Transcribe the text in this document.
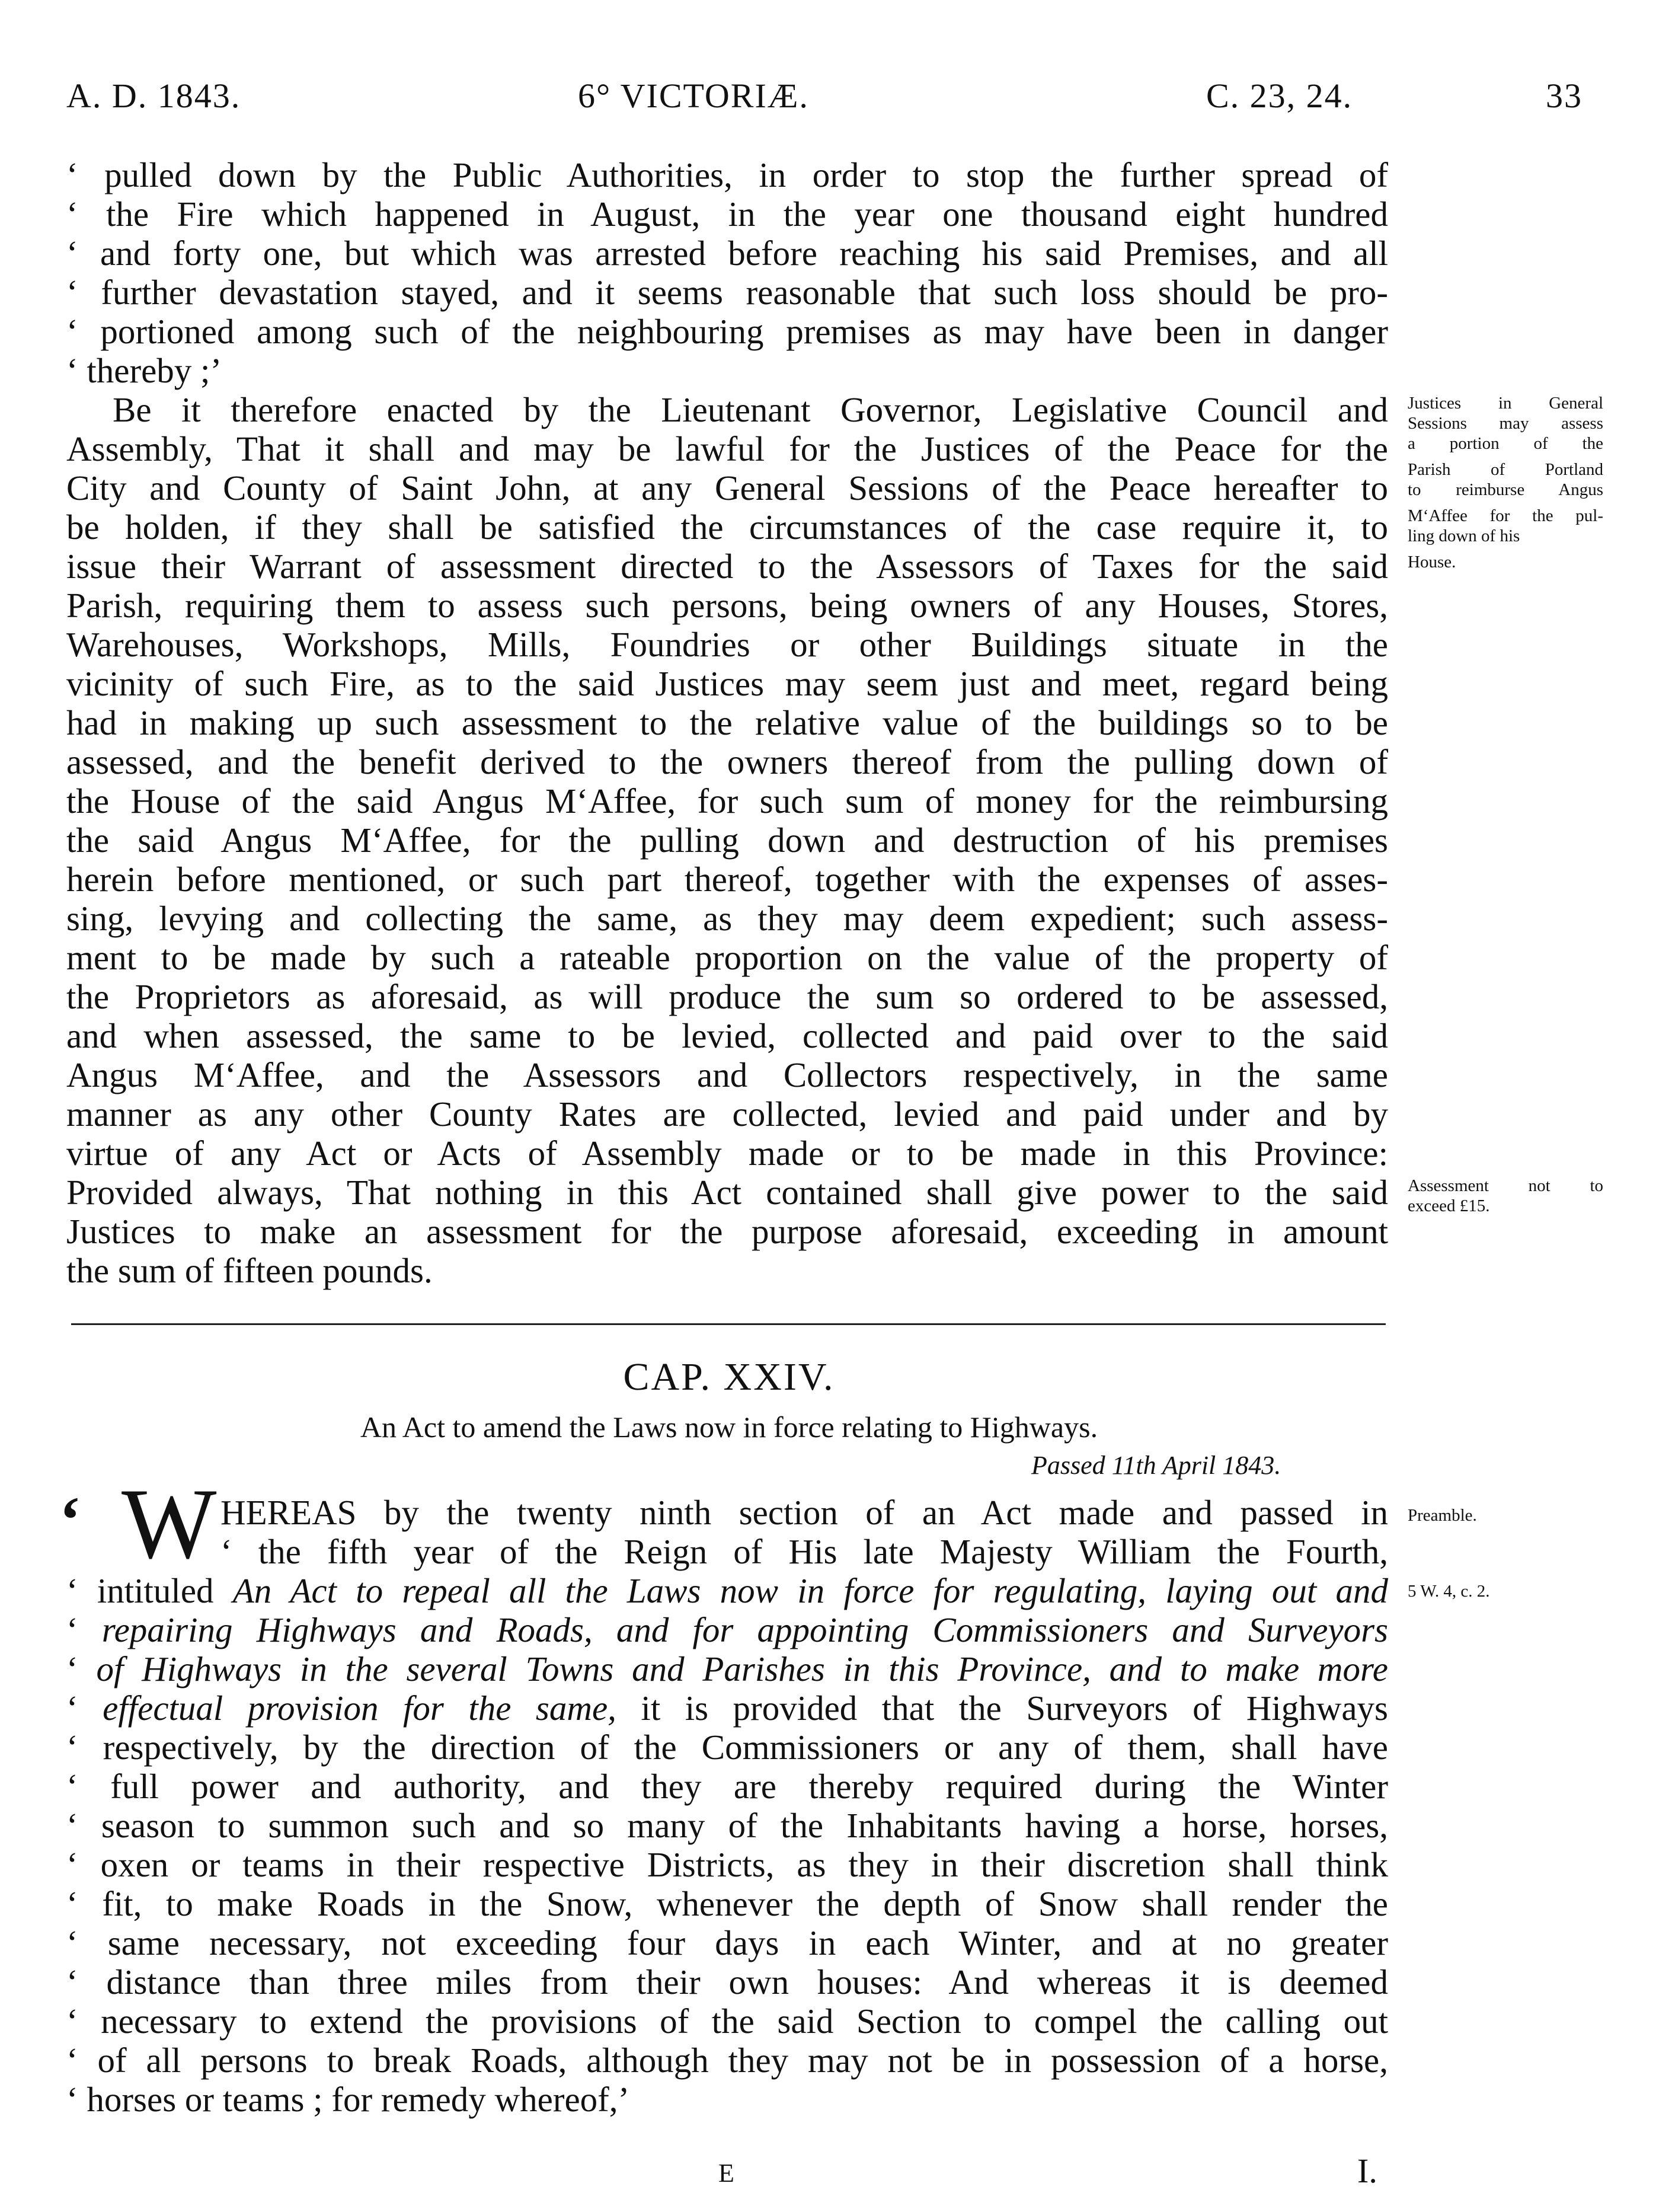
A. D. 1843.	6° VICTORIÆ.	C. 23, 24.	33
‘ pulled down by the Public Authorities, in order to stop the further spread of
‘ the Fire which happened in August, in the year one thousand eight hundred
‘ and forty one, but which was arrested before reaching his said Premises, and all
‘ further devastation stayed, and it seems reasonable that such loss should be pro-
‘ portioned among such of the neighbouring premises as may have been in danger
‘ thereby ;’
Be it therefore enacted by the Lieutenant Governor, Legislative Council and
Assembly, That it shall and may be lawful for the Justices of the Peace for the
City and County of Saint John, at any General Sessions of the Peace hereafter to
be holden, if they shall be satisfied the circumstances of the case require it, to
issue their Warrant of assessment directed to the Assessors of Taxes for the said
Parish, requiring them to assess such persons, being owners of any Houses, Stores,
Warehouses, Workshops, Mills, Foundries or other Buildings situate in the
vicinity of such Fire, as to the said Justices may seem just and meet, regard being
had in making up such assessment to the relative value of the buildings so to be
assessed, and the benefit derived to the owners thereof from the pulling down of
the House of the said Angus M‘Affee, for such sum of money for the reimbursing
the said Angus M‘Affee, for the pulling down and destruction of his premises
herein before mentioned, or such part thereof, together with the expenses of asses-
sing, levying and collecting the same, as they may deem expedient; such assess-
ment to be made by such a rateable proportion on the value of the property of
the Proprietors as aforesaid, as will produce the sum so ordered to be assessed,
and when assessed, the same to be levied, collected and paid over to the said
Angus M‘Affee, and the Assessors and Collectors respectively, in the same
manner as any other County Rates are collected, levied and paid under and by
virtue of any Act or Acts of Assembly made or to be made in this Province:
Provided always, That nothing in this Act contained shall give power to the said
Justices to make an assessment for the purpose aforesaid, exceeding in amount
the sum of fifteen pounds.
Justices in General
Sessions may assess
a portion of the
Parish of Portland
to reimburse Angus
M‘Affee for the pul-
ling down of his
House.
Assessment not to
exceed £15.
CAP. XXIV.
An Act to amend the Laws now in force relating to Highways.
Passed 11th April 1843.
‘ W HEREAS by the twenty ninth section of an Act made and passed in
‘ the fifth year of the Reign of His late Majesty William the Fourth,
‘ intituled An Act to repeal all the Laws now in force for regulating, laying out and
‘ repairing Highways and Roads, and for appointing Commissioners and Surveyors
‘ of Highways in the several Towns and Parishes in this Province, and to make more
‘ effectual provision for the same, it is provided that the Surveyors of Highways
‘ respectively, by the direction of the Commissioners or any of them, shall have
‘ full power and authority, and they are thereby required during the Winter
‘ season to summon such and so many of the Inhabitants having a horse, horses,
‘ oxen or teams in their respective Districts, as they in their discretion shall think
‘ fit, to make Roads in the Snow, whenever the depth of Snow shall render the
‘ same necessary, not exceeding four days in each Winter, and at no greater
‘ distance than three miles from their own houses: And whereas it is deemed
‘ necessary to extend the provisions of the said Section to compel the calling out
‘ of all persons to break Roads, although they may not be in possession of a horse,
‘ horses or teams ; for remedy whereof,’
Preamble.
5 W. 4, c. 2.
E	I.
